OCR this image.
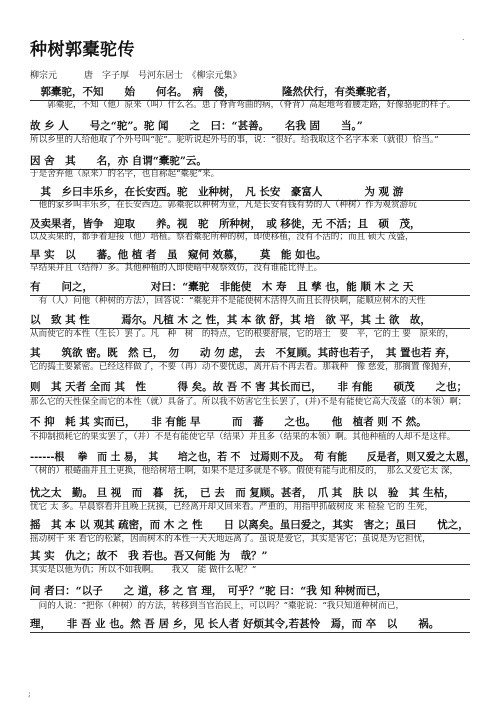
.
种树郭橐驼传
柳宗元　　　唐　字子厚　号河东居士　《柳宗元集》
　郭橐驼，不知　　始　　何名。　病　偻，　　　　　隆然伏行，有类橐驼者，
　　郭橐驼，不知（他）原来（叫）什么名。患了脊背弯曲的病，（脊背）高起地弯着腰走路，好像骆驼的样子。
故 乡 人　　号之“驼”。驼 闻　　之　曰：“甚善。　　名我 固　　当。”
所以乡里的人给他取了个外号叫“驼”。驼听说起外号的事，说：“很好。给我取这个名字本来（就很）恰当。”
因 舍　其　　名，亦 自谓“橐驼”云。
于是舍弃他（原来）的名字，也自称起“橐驼”来。
　其　乡曰丰乐乡，在长安西。驼　业种树，　凡 长安　豪富人　　　　为 观 游
　他的家乡叫丰乐乡，在长安西边。郭橐驼以种树为业，凡是长安有钱有势的人（种树）作为观赏游玩
及卖果者，皆争　迎取　　养。视　驼　所种树，　或 移徙，无 不活；且　硕　茂，
以及卖果的，都争着迎接（他）培植。察看橐驼所种的树，即使移植，没有不活的；而且 硕大 茂盛，
早 实　以　　蕃。他 植 者　虽　窥伺 效慕，　　莫　能 如也。
早结果并且（结得）多。其他种植的人即使暗中观察效仿，没有谁能比得上。
有　　问之，　　　　　　对曰：“橐驼　非能使　木 寿　且 孳 也，能 顺 木 之 天
　有（人）问他（种树的方法），回答说：“橐驼并不是能使树木活得久而且长得快啊，能顺应树木的天性
以　致 其 性　　　焉尔。凡植 木 之 性，其 本 欲 舒，其 培　欲 平，其 土 欲　故，
从而使它的本性（生长）罢了。凡　种　树　的特点，它的根要舒展，它的培土　要　平，它的土 要　原来的，
其　　筑欲 密。既　然 已，　勿　　动 勿 虑，　去　不复顾。其莳也若子，　其 置也若 弃，
它的捣土要紧密。已经这样做了，不要（再）动不要忧虑，离开后不再去看。那栽种　像 慈爱，那搁置 像抛弃，
则　其 天者 全而 其　性　　　得 矣。故 吾 不 害 其长而已，　　非 有能　　硕茂　　之也；
那么它的天性保全而它的本性（就）具备了。所以我不妨害它生长罢了，(并)不是有能使它高大茂盛（的本领）啊；
不 抑　耗 其 实而已，　　非 有能 早　　　而　蕃　　之也。　　他　植者 则 不 然。
不抑制损耗它的果实罢了，（并）不是有能使它早（结果）并且多（结果的本领）啊。其他种植的人却不是这样。
------根　 拳　而 土 易，　其　　培之也，若 不　过焉则不及。　苟 有能　　反是者，则又爱之太恩，
（树的）根蜷曲并且土更换，他给树培土啊，如果不是过多就是不够。假使有能与此相反的，　那么又爱它太 深，
忧之太　勤。 旦 视　而　暮　抚，　已 去　而 复顾。甚者，　爪 其　肤 以　验　其 生枯，
忧它 太 多。早晨察看并且晚上抚摸，已经离开却又回来看。严重的，用指甲抓破树皮 来 检验 它的 生死，
摇　其 本 以 观其 疏密，而 木 之 性　　日 以离矣。虽曰爱之，其实　害之；虽曰　　忧之，
摇动树干 来 看它的松紧，因而树木的本性一天天地远离了。虽说是爱它，其实是害它；虽说是为它担忧，
其 实　仇之；故不　我 若也。吾又何能 为　哉？”
其实是以他为仇；所以不如我啊。　　我又　能 做什么呢？”
问 者曰：“以子　　之 道，移 之 官 理，　可乎？”驼 曰：“我 知 种树而已，
　问的人说：“把你（种树）的方法，转移到当官治民上，可以吗？”橐驼说：“我只知道种树而已，
理，　　非 吾 业 也。然 吾 居 乡，见 长人者 好烦其令,若甚怜　焉，而 卒　以　　祸。
;
